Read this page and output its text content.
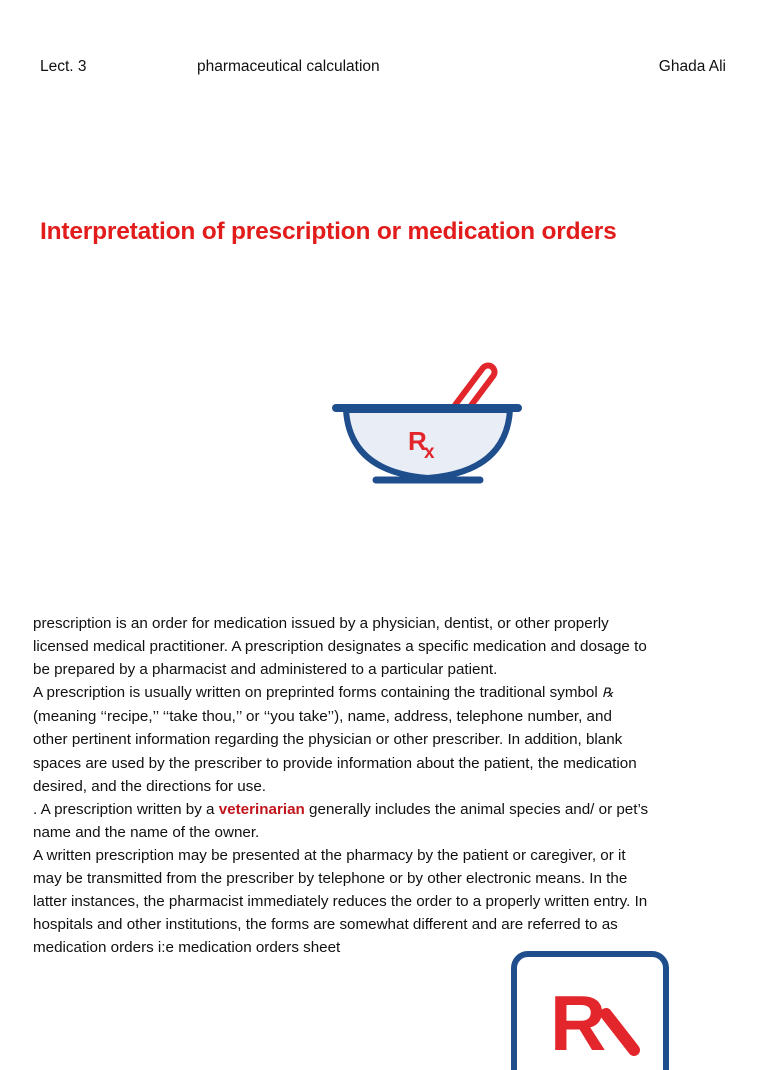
Lect. 3	pharmaceutical calculation	Ghada Ali
Interpretation of prescription or medication orders
R
x

prescription is an order for medication issued by a physician, dentist, or other properly

licensed medical practitioner. A prescription designates a specific medication and dosage to

be prepared by a pharmacist and administered to a particular patient.

A prescription is usually written on preprinted forms containing the traditional symbol ℞

(meaning ‘‘recipe,’’ ‘‘take thou,’’ or ‘‘you take’’), name, address, telephone number, and

other pertinent information regarding the physician or other prescriber. In addition, blank

spaces are used by the prescriber to provide information about the patient, the medication

desired, and the directions for use.

. A prescription written by a veterinarian generally includes the animal species and/ or pet’s

name and the name of the owner.

A written prescription may be presented at the pharmacy by the patient or caregiver, or it

may be transmitted from the prescriber by telephone or by other electronic means. In the

latter instances, the pharmacist immediately reduces the order to a properly written entry. In

hospitals and other institutions, the forms are somewhat different and are referred to as

medication orders i:e medication orders sheet

R
